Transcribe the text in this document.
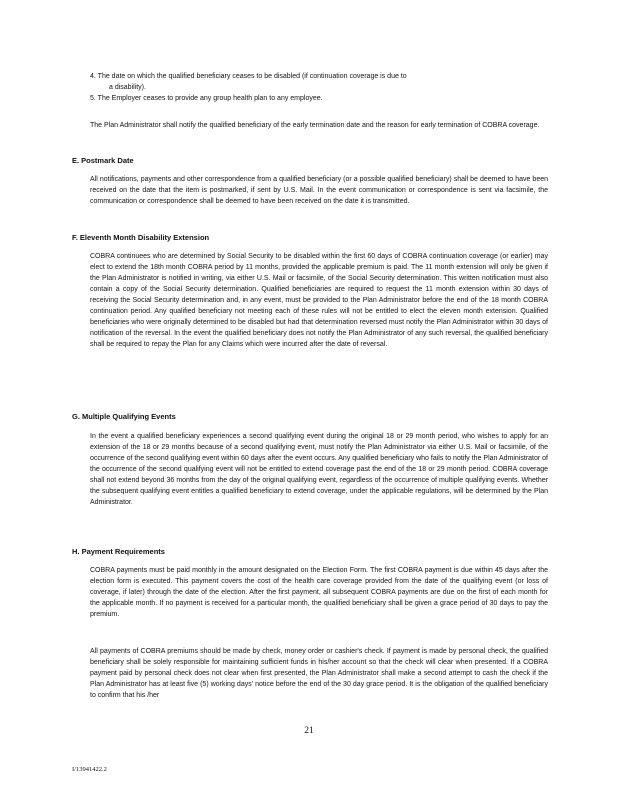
4. The date on which the qualified beneficiary ceases to be disabled (if continuation coverage is due to
a disability).
5. The Employer ceases to provide any group health plan to any employee.

The Plan Administrator shall notify the qualified beneficiary of the early termination date and the reason for early termination of COBRA coverage.

E. Postmark Date

All notifications, payments and other correspondence from a qualified beneficiary (or a possible qualified beneficiary) shall be deemed to have been received on the date that the item is postmarked, if sent by U.S. Mail. In the event communication or correspondence is sent via facsimile, the communication or correspondence shall be deemed to have been received on the date it is transmitted.

F. Eleventh Month Disability Extension

COBRA continuees who are determined by Social Security to be disabled within the first 60 days of COBRA continuation coverage (or earlier) may elect to extend the 18th month COBRA period by 11 months, provided the applicable premium is paid. The 11 month extension will only be given if the Plan Administrator is notified in writing, via either U.S. Mail or facsimile, of the Social Security determination. This written notification must also contain a copy of the Social Security determination. Qualified beneficiaries are required to request the 11 month extension within 30 days of receiving the Social Security determination and, in any event, must be provided to the Plan Administrator before the end of the 18 month COBRA continuation period. Any qualified beneficiary not meeting each of these rules will not be entitled to elect the eleven month extension. Qualified beneficiaries who were originally determined to be disabled but had that determination reversed must notify the Plan Administrator within 30 days of notification of the reversal. In the event the qualified beneficiary does not notify the Plan Administrator of any such reversal, the qualified beneficiary shall be required to repay the Plan for any Claims which were incurred after the date of reversal.

G. Multiple Qualifying Events

In the event a qualified beneficiary experiences a second qualifying event during the original 18 or 29 month period, who wishes to apply for an extension of the 18 or 29 months because of a second qualifying event, must notify the Plan Administrator via either U.S. Mail or facsimile, of the occurrence of the second qualifying event within 60 days after the event occurs. Any qualified beneficiary who fails to notify the Plan Administrator of the occurrence of the second qualifying event will not be entitled to extend coverage past the end of the 18 or 29 month period. COBRA coverage shall not extend beyond 36 months from the day of the original qualifying event, regardless of the occurrence of multiple qualifying events. Whether the subsequent qualifying event entitles a qualified beneficiary to extend coverage, under the applicable regulations, will be determined by the Plan Administrator.

H. Payment Requirements

COBRA payments must be paid monthly in the amount designated on the Election Form. The first COBRA payment is due within 45 days after the election form is executed. This payment covers the cost of the health care coverage provided from the date of the qualifying event (or loss of coverage, if later) through the date of the election. After the first payment, all subsequent COBRA payments are due on the first of each month for the applicable month. If no payment is received for a particular month, the qualified beneficiary shall be given a grace period of 30 days to pay the premium.

All payments of COBRA premiums should be made by check, money order or cashier's check. If payment is made by personal check, the qualified beneficiary shall be solely responsible for maintaining sufficient funds in his/her account so that the check will clear when presented. If a COBRA payment paid by personal check does not clear when first presented, the Plan Administrator shall make a second attempt to cash the check if the Plan Administrator has at least five (5) working days' notice before the end of the 30 day grace period. It is the obligation of the qualified beneficiary to confirm that his /her

21
I/13941422.2
